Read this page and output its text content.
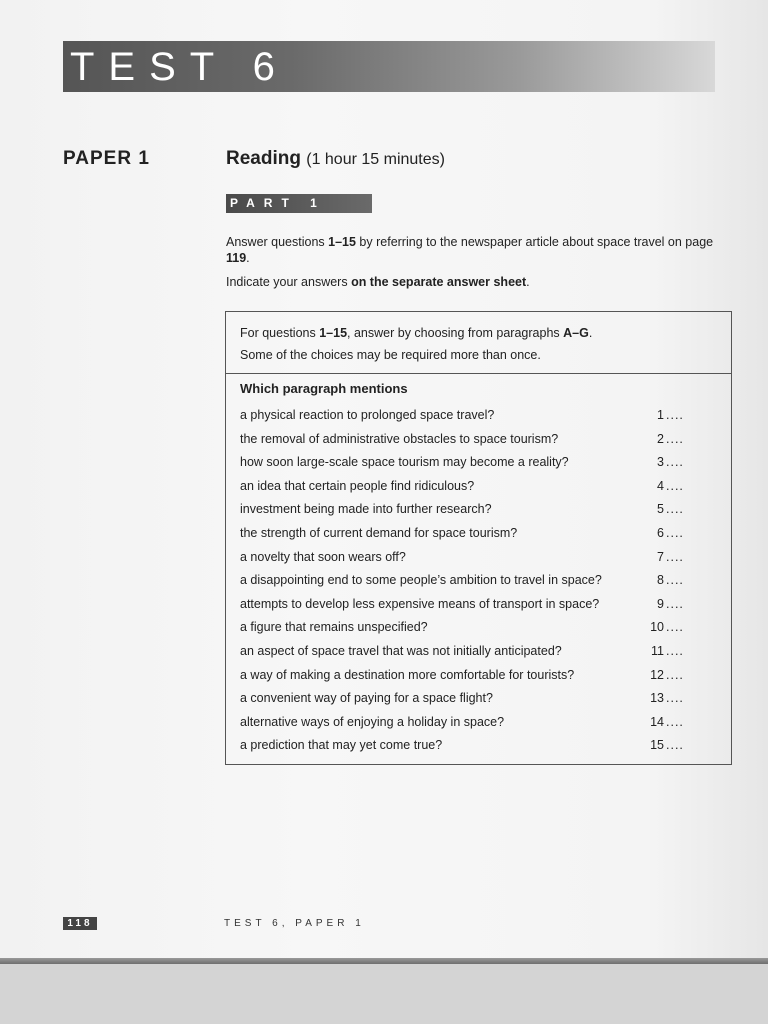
TEST 6
PAPER 1	Reading (1 hour 15 minutes)
PART 1
Answer questions 1–15 by referring to the newspaper article about space travel on page 119.
Indicate your answers on the separate answer sheet.
For questions 1–15, answer by choosing from paragraphs A–G.
Some of the choices may be required more than once.
Which paragraph mentions
a physical reaction to prolonged space travel?	1 ....
the removal of administrative obstacles to space tourism?	2 ....
how soon large-scale space tourism may become a reality?	3 ....
an idea that certain people find ridiculous?	4 ....
investment being made into further research?	5 ....
the strength of current demand for space tourism?	6 ....
a novelty that soon wears off?	7 ....
a disappointing end to some people’s ambition to travel in space?	8 ....
attempts to develop less expensive means of transport in space?	9 ....
a figure that remains unspecified?	10 ....
an aspect of space travel that was not initially anticipated?	11 ....
a way of making a destination more comfortable for tourists?	12 ....
a convenient way of paying for a space flight?	13 ....
alternative ways of enjoying a holiday in space?	14 ....
a prediction that may yet come true?	15 ....
118	TEST 6, PAPER 1
